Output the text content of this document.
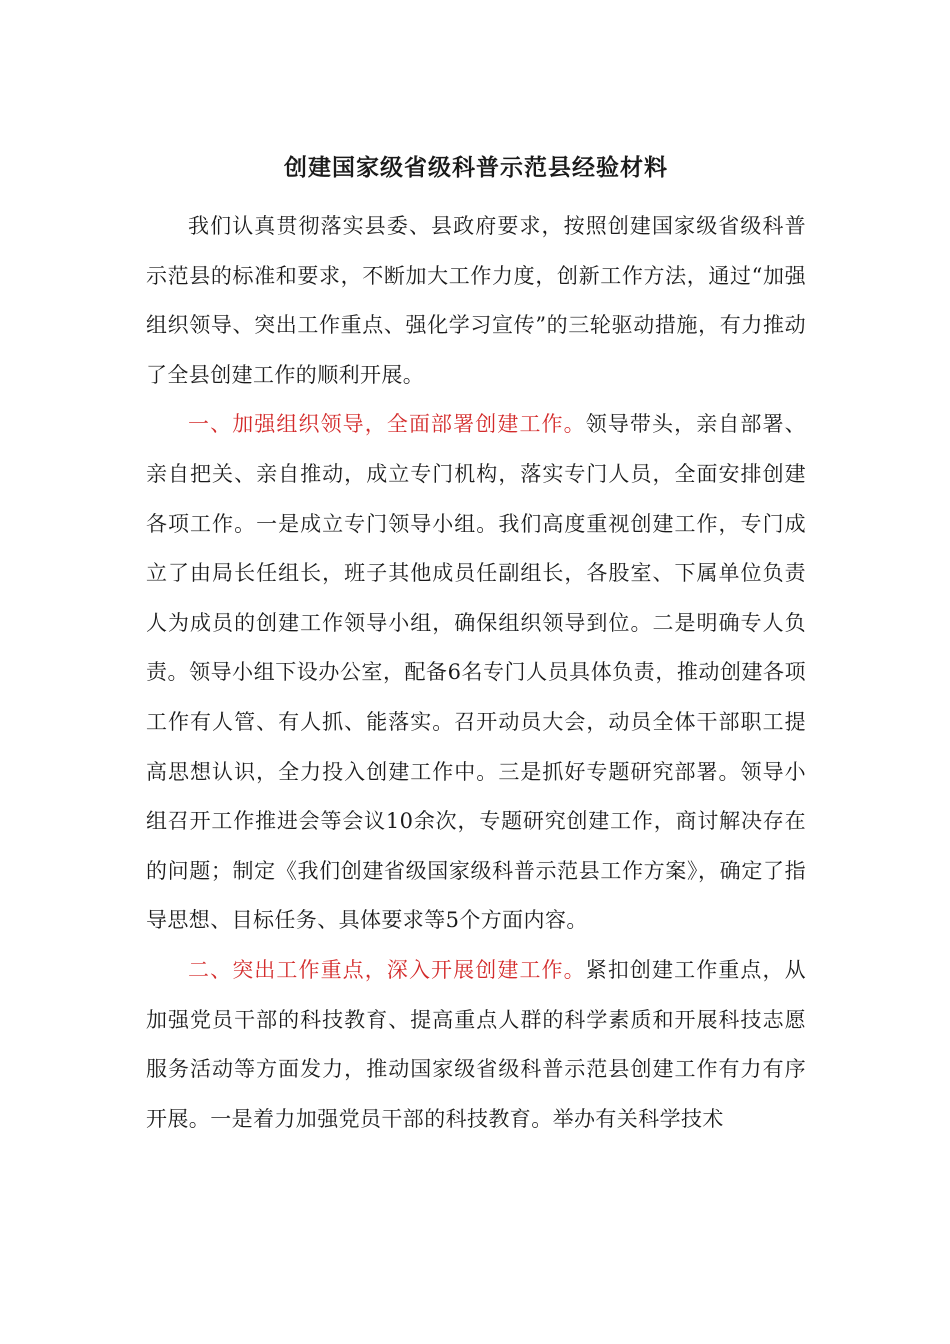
创建国家级省级科普示范县经验材料

我们认真贯彻落实县委、县政府要求，按照创建国家级省级科普示范县的标准和要求，不断加大工作力度，创新工作方法，通过“加强组织领导、突出工作重点、强化学习宣传”的三轮驱动措施，有力推动了全县创建工作的顺利开展。

一、加强组织领导，全面部署创建工作。领导带头，亲自部署、亲自把关、亲自推动，成立专门机构，落实专门人员，全面安排创建各项工作。一是成立专门领导小组。我们高度重视创建工作，专门成立了由局长任组长，班子其他成员任副组长，各股室、下属单位负责人为成员的创建工作领导小组，确保组织领导到位。二是明确专人负责。领导小组下设办公室，配备6名专门人员具体负责，推动创建各项工作有人管、有人抓、能落实。召开动员大会，动员全体干部职工提高思想认识，全力投入创建工作中。三是抓好专题研究部署。领导小组召开工作推进会等会议10余次，专题研究创建工作，商讨解决存在的问题；制定《我们创建省级国家级科普示范县工作方案》，确定了指导思想、目标任务、具体要求等5个方面内容。

二、突出工作重点，深入开展创建工作。紧扣创建工作重点，从加强党员干部的科技教育、提高重点人群的科学素质和开展科技志愿服务活动等方面发力，推动国家级省级科普示范县创建工作有力有序开展。一是着力加强党员干部的科技教育。举办有关科学技术
